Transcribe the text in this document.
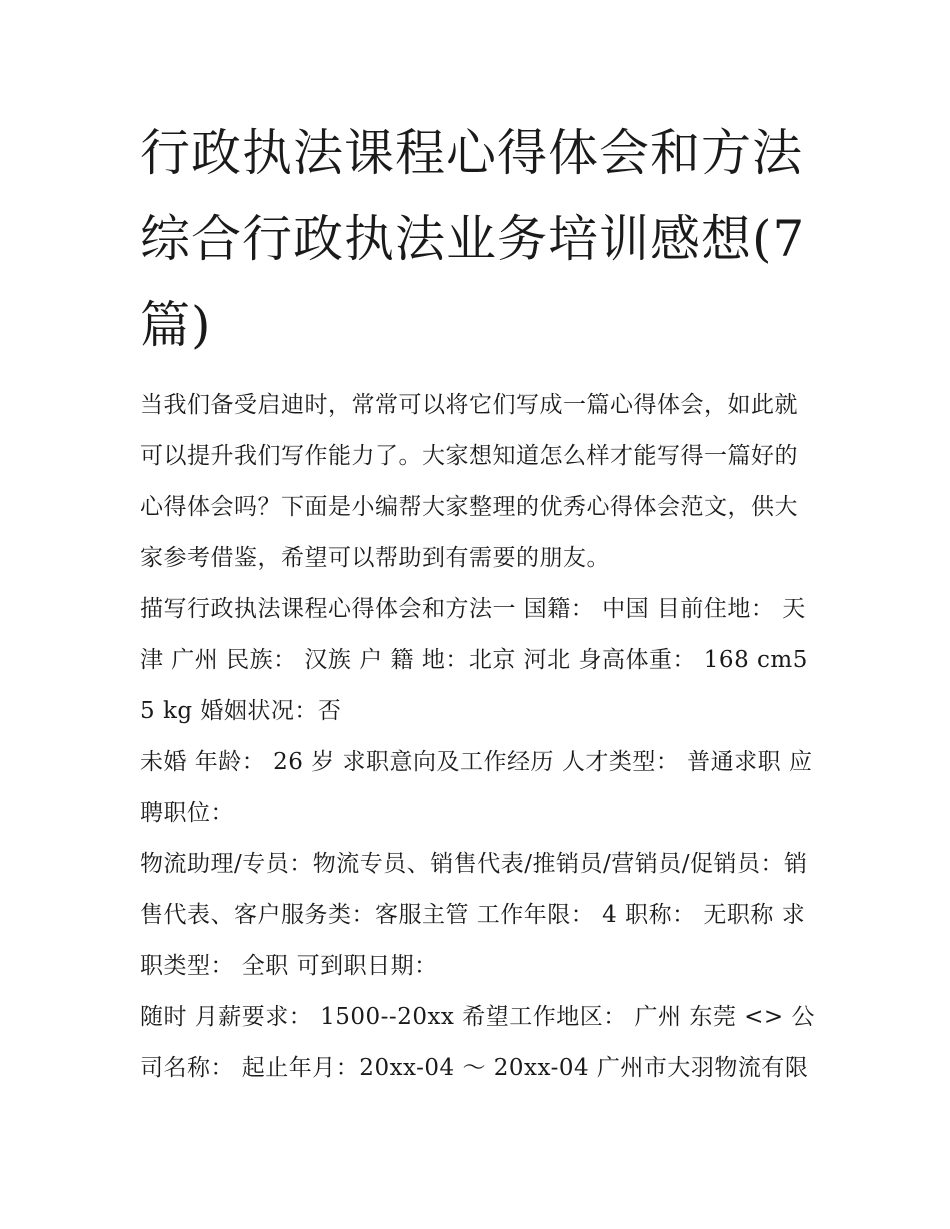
行政执法课程心得体会和方法综合行政执法业务培训感想(7篇)

当我们备受启迪时，常常可以将它们写成一篇心得体会，如此就可以提升我们写作能力了。大家想知道怎么样才能写得一篇好的心得体会吗？下面是小编帮大家整理的优秀心得体会范文，供大家参考借鉴，希望可以帮助到有需要的朋友。

描写行政执法课程心得体会和方法一 国籍： 中国 目前住地： 天津 广州 民族： 汉族 户 籍 地：北京 河北 身高体重： 168 cm55 kg 婚姻状况：否

未婚 年龄： 26 岁 求职意向及工作经历 人才类型： 普通求职 应聘职位：

物流助理/专员：物流专员、销售代表/推销员/营销员/促销员：销售代表、客户服务类：客服主管 工作年限： 4 职称： 无职称 求职类型： 全职 可到职日期：

随时 月薪要求： 1500--20xx 希望工作地区： 广州 东莞 <> 公司名称： 起止年月：20xx-04 ～ 20xx-04 广州市大羽物流有限
